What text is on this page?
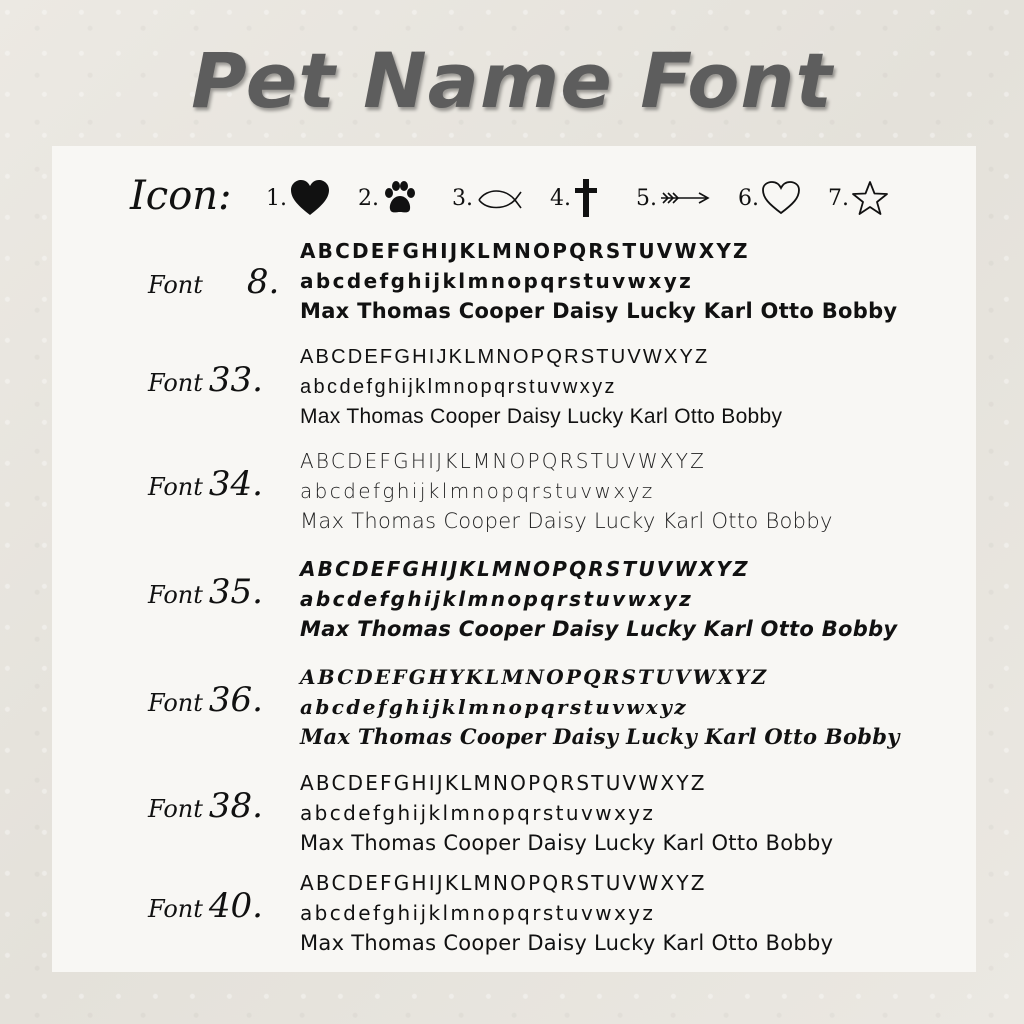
Pet Name Font
Icon: 1.	2.	3.	4.	5.	6.	7.
Font 8.
ABCDEFGHIJKLMNOPQRSTUVWXYZ
abcdefghijklmnopqrstuvwxyz
Max Thomas Cooper Daisy Lucky Karl Otto Bobby
Font 33.
ABCDEFGHIJKLMNOPQRSTUVWXYZ
abcdefghijklmnopqrstuvwxyz
Max Thomas Cooper Daisy Lucky Karl Otto Bobby
Font 34.
ABCDEFGHIJKLMNOPQRSTUVWXYZ
abcdefghijklmnopqrstuvwxyz
Max Thomas Cooper Daisy Lucky Karl Otto Bobby
Font 35.
ABCDEFGHIJKLMNOPQRSTUVWXYZ
abcdefghijklmnopqrstuvwxyz
Max Thomas Cooper Daisy Lucky Karl Otto Bobby
Font 36.
ABCDEFGHYKLMNOPQRSTUVWXYZ
abcdefghijklmnopqrstuvwxyz
Max Thomas Cooper Daisy Lucky Karl Otto Bobby
Font 38.
ABCDEFGHIJKLMNOPQRSTUVWXYZ
abcdefghijklmnopqrstuvwxyz
Max Thomas Cooper Daisy Lucky Karl Otto Bobby
Font 40.
ABCDEFGHIJKLMNOPQRSTUVWXYZ
abcdefghijklmnopqrstuvwxyz
Max Thomas Cooper Daisy Lucky Karl Otto Bobby
